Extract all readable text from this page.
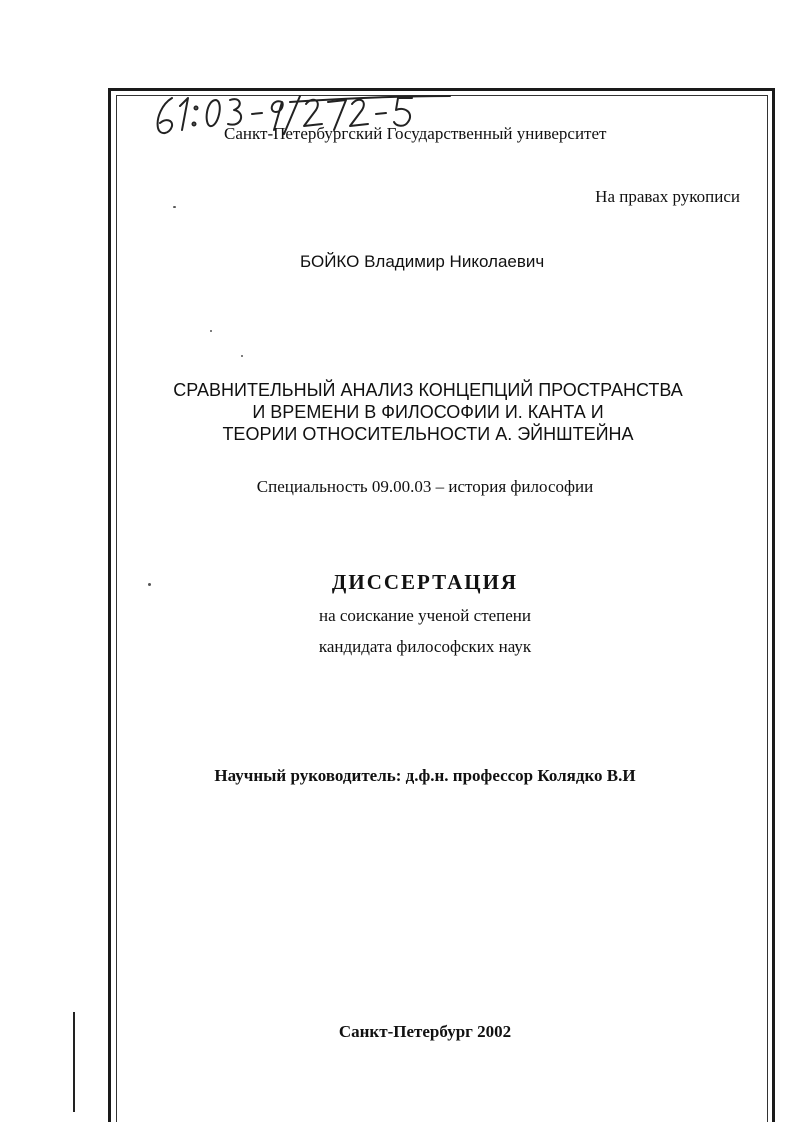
Санкт-Петербургский Государственный университет
На правах рукописи
БОЙКО Владимир Николаевич
СРАВНИТЕЛЬНЫЙ АНАЛИЗ КОНЦЕПЦИЙ ПРОСТРАНСТВА
И ВРЕМЕНИ В ФИЛОСОФИИ И. КАНТА И
ТЕОРИИ ОТНОСИТЕЛЬНОСТИ А. ЭЙНШТЕЙНА
Специальность 09.00.03 – история философии
ДИССЕРТАЦИЯ
на соискание ученой степени
кандидата философских наук
Научный руководитель: д.ф.н. профессор Колядко В.И
Санкт-Петербург 2002
